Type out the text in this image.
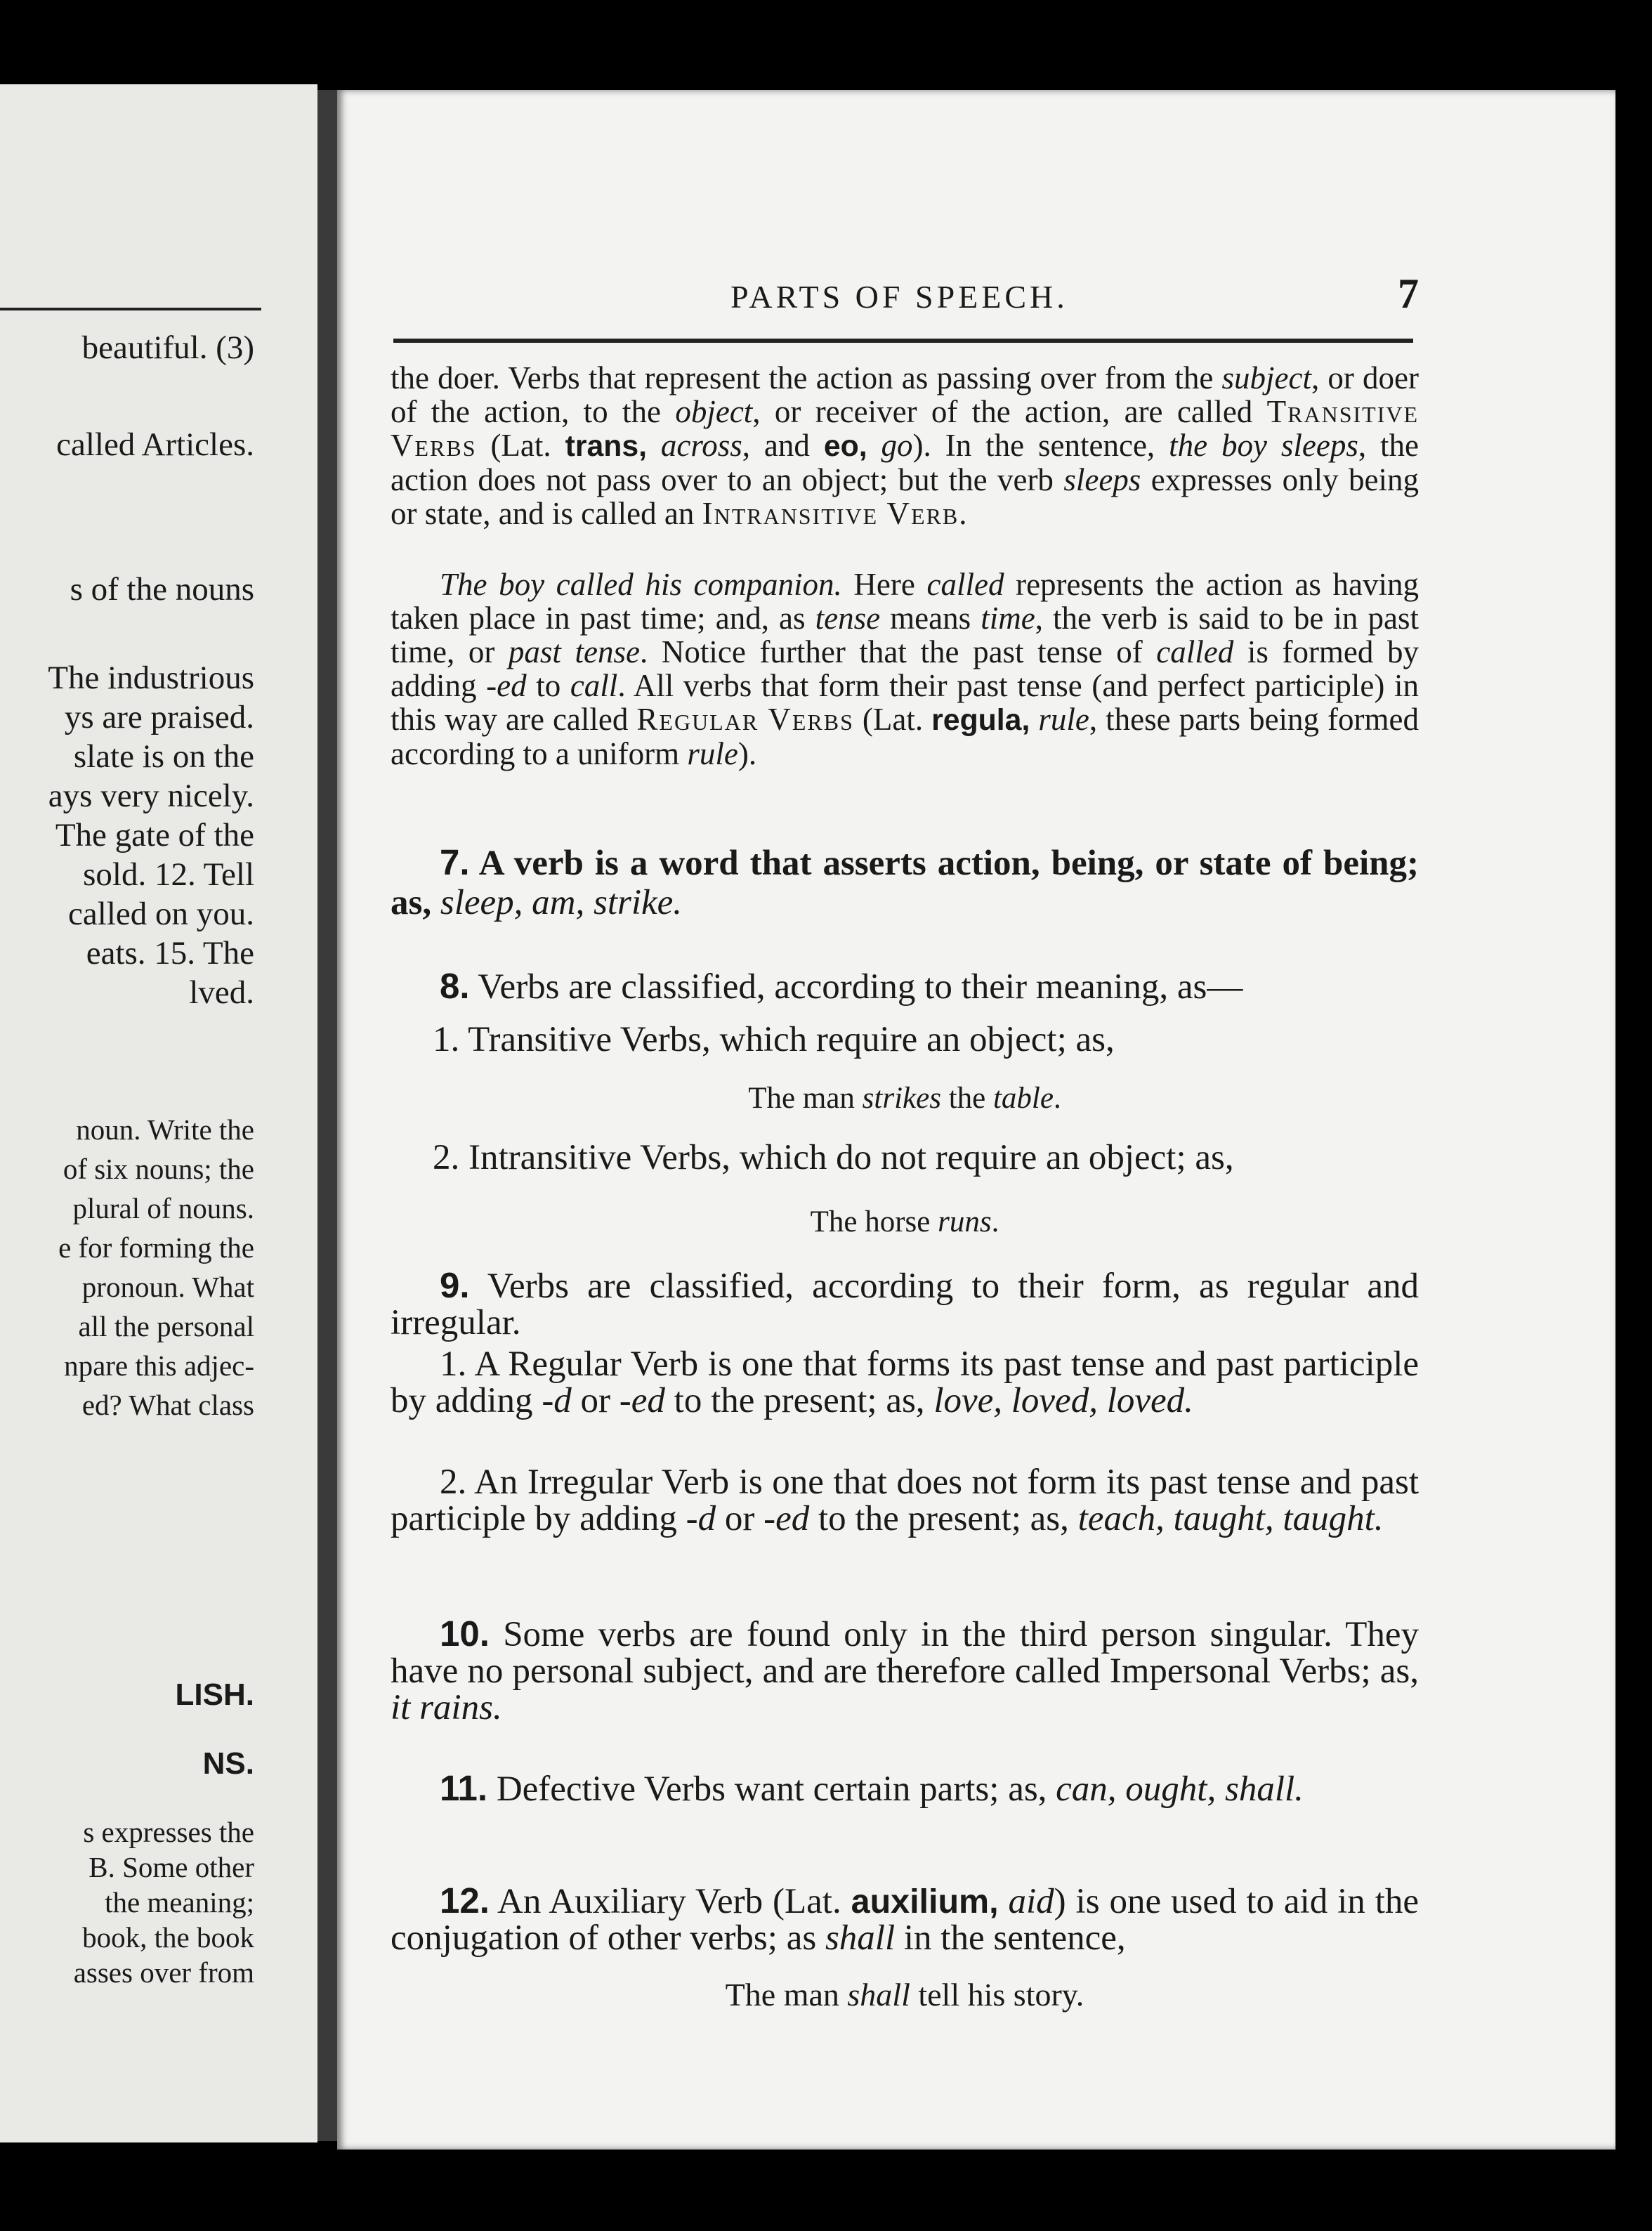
beautiful. (3)
called Articles.
s of the nouns
The industrious
ys are praised.
slate is on the
ays very nicely.
The gate of the
sold. 12. Tell
called on you.
eats. 15. The
lved.
noun. Write the
of six nouns; the
plural of nouns.
e for forming the
pronoun. What
all the personal
npare this adjec-
ed? What class
LISH.
NS.
s expresses the
B. Some other
the meaning;
book, the book
asses over from
PARTS OF SPEECH.	7
the doer. Verbs that represent the action as passing over from the subject, or doer of the action, to the object, or receiver of the action, are called Transitive Verbs (Lat. trans, across, and eo, go). In the sentence, the boy sleeps, the action does not pass over to an object; but the verb sleeps expresses only being or state, and is called an Intransitive Verb.
The boy called his companion. Here called represents the action as having taken place in past time; and, as tense means time, the verb is said to be in past time, or past tense. Notice further that the past tense of called is formed by adding -ed to call. All verbs that form their past tense (and perfect participle) in this way are called Regular Verbs (Lat. regula, rule, these parts being formed according to a uniform rule).
7. A verb is a word that asserts action, being, or state of being; as, sleep, am, strike.
8. Verbs are classified, according to their meaning, as—
1. Transitive Verbs, which require an object; as,
The man strikes the table.
2. Intransitive Verbs, which do not require an object; as,
The horse runs.
9. Verbs are classified, according to their form, as regular and irregular.
1. A Regular Verb is one that forms its past tense and past participle by adding -d or -ed to the present; as, love, loved, loved.
2. An Irregular Verb is one that does not form its past tense and past participle by adding -d or -ed to the present; as, teach, taught, taught.
10. Some verbs are found only in the third person singular. They have no personal subject, and are therefore called Impersonal Verbs; as, it rains.
11. Defective Verbs want certain parts; as, can, ought, shall.
12. An Auxiliary Verb (Lat. auxilium, aid) is one used to aid in the conjugation of other verbs; as shall in the sentence,
The man shall tell his story.
